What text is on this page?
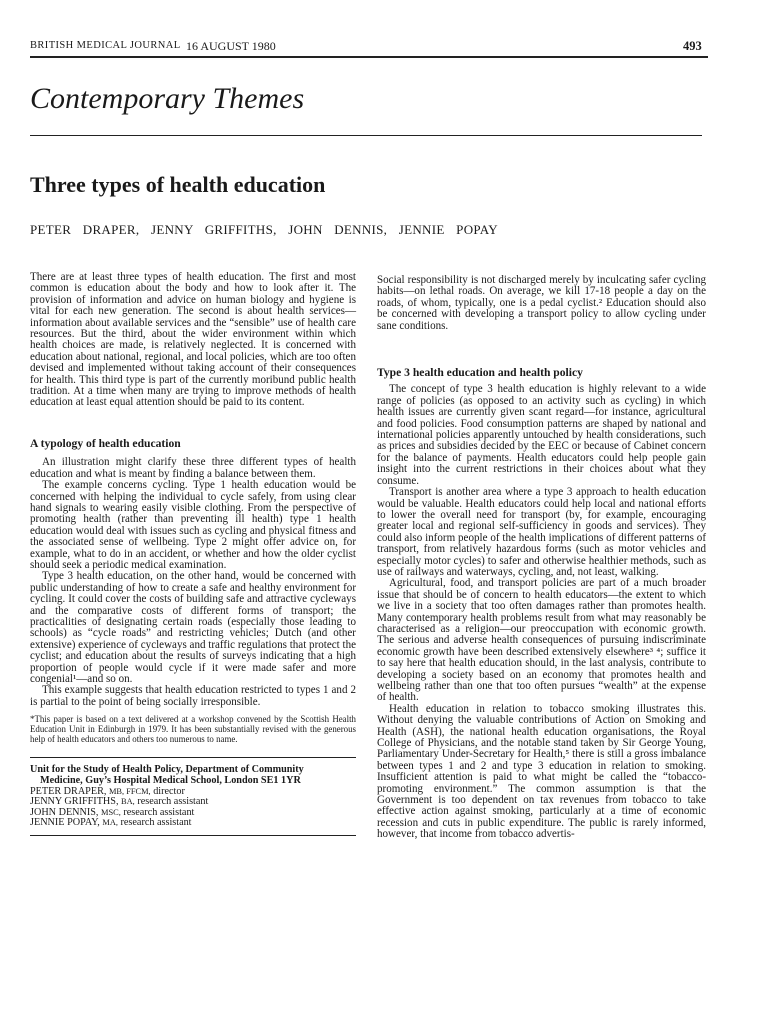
BRITISH MEDICAL JOURNAL 16 AUGUST 1980	493
Contemporary Themes
Three types of health education
PETER DRAPER, JENNY GRIFFITHS, JOHN DENNIS, JENNIE POPAY

There are at least three types of health education. The first and most common is education about the body and how to look after it. The provision of information and advice on human biology and hygiene is vital for each new generation. The second is about health services—information about available services and the “sensible” use of health care resources. But the third, about the wider environment within which health choices are made, is relatively neglected. It is concerned with education about national, regional, and local policies, which are too often devised and implemented without taking account of their consequences for health. This third type is part of the currently moribund public health tradition. At a time when many are trying to improve methods of health education at least equal attention should be paid to its content.

A typology of health education

An illustration might clarify these three different types of health education and what is meant by finding a balance between them.

The example concerns cycling. Type 1 health education would be concerned with helping the individual to cycle safely, from using clear hand signals to wearing easily visible clothing. From the perspective of promoting health (rather than preventing ill health) type 1 health education would deal with issues such as cycling and physical fitness and the associated sense of wellbeing. Type 2 might offer advice on, for example, what to do in an accident, or whether and how the older cyclist should seek a periodic medical examination.

Type 3 health education, on the other hand, would be concerned with public understanding of how to create a safe and healthy environment for cycling. It could cover the costs of building safe and attractive cycleways and the comparative costs of different forms of transport; the practicalities of designating certain roads (especially those leading to schools) as “cycle roads” and restricting vehicles; Dutch (and other extensive) experience of cycleways and traffic regulations that protect the cyclist; and education about the results of surveys indicating that a high proportion of people would cycle if it were made safer and more congenial¹—and so on.

This example suggests that health education restricted to types 1 and 2 is partial to the point of being socially irresponsible.

*This paper is based on a text delivered at a workshop convened by the Scottish Health Education Unit in Edinburgh in 1979. It has been substantially revised with the generous help of health educators and others too numerous to name.

Unit for the Study of Health Policy, Department of Community
Medicine, Guy’s Hospital Medical School, London SE1 1YR
PETER DRAPER, MB, FFCM, director
JENNY GRIFFITHS, BA, research assistant
JOHN DENNIS, MSC, research assistant
JENNIE POPAY, MA, research assistant

Social responsibility is not discharged merely by inculcating safer cycling habits—on lethal roads. On average, we kill 17-18 people a day on the roads, of whom, typically, one is a pedal cyclist.² Education should also be concerned with developing a transport policy to allow cycling under sane conditions.

Type 3 health education and health policy

The concept of type 3 health education is highly relevant to a wide range of policies (as opposed to an activity such as cycling) in which health issues are currently given scant regard—for instance, agricultural and food policies. Food consumption patterns are shaped by national and international policies apparently untouched by health considerations, such as prices and subsidies decided by the EEC or because of Cabinet concern for the balance of payments. Health educators could help people gain insight into the current restrictions in their choices about what they consume.

Transport is another area where a type 3 approach to health education would be valuable. Health educators could help local and national efforts to lower the overall need for transport (by, for example, encouraging greater local and regional self-sufficiency in goods and services). They could also inform people of the health implications of different patterns of transport, from relatively hazardous forms (such as motor vehicles and especially motor cycles) to safer and otherwise healthier methods, such as use of railways and waterways, cycling, and, not least, walking.

Agricultural, food, and transport policies are part of a much broader issue that should be of concern to health educators—the extent to which we live in a society that too often damages rather than promotes health. Many contemporary health problems result from what may reasonably be characterised as a religion—our preoccupation with economic growth. The serious and adverse health consequences of pursuing indiscriminate economic growth have been described extensively elsewhere³ ⁴; suffice it to say here that health education should, in the last analysis, contribute to developing a society based on an economy that promotes health and wellbeing rather than one that too often pursues “wealth” at the expense of health.

Health education in relation to tobacco smoking illustrates this. Without denying the valuable contributions of Action on Smoking and Health (ASH), the national health education organisations, the Royal College of Physicians, and the notable stand taken by Sir George Young, Parliamentary Under-Secretary for Health,⁵ there is still a gross imbalance between types 1 and 2 and type 3 education in relation to smoking. Insufficient attention is paid to what might be called the “tobacco-promoting environment.” The common assumption is that the Government is too dependent on tax revenues from tobacco to take effective action against smoking, particularly at a time of economic recession and cuts in public expenditure. The public is rarely informed, however, that income from tobacco advertis-
